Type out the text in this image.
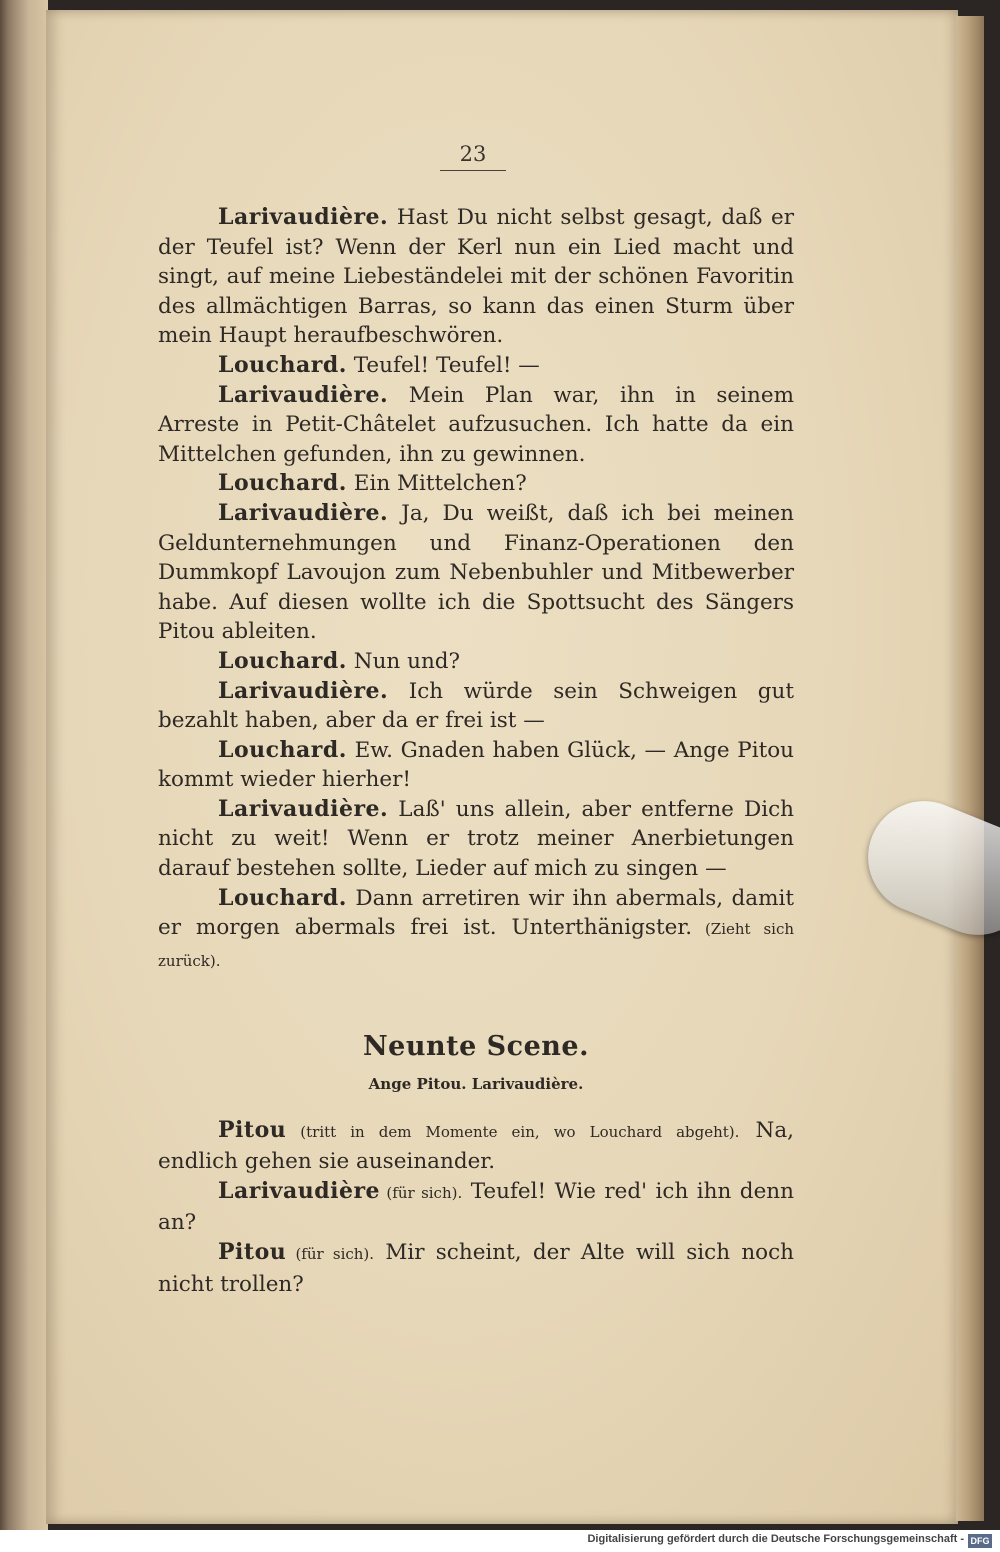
23

Larivaudière. Hast Du nicht selbst gesagt, daß er der Teufel ist? Wenn der Kerl nun ein Lied macht und singt, auf meine Liebeständelei mit der schönen Favoritin des allmächtigen Barras, so kann das einen Sturm über mein Haupt heraufbeschwören.

Louchard. Teufel! Teufel! —

Larivaudière. Mein Plan war, ihn in seinem Arreste in Petit-Châtelet aufzusuchen. Ich hatte da ein Mittelchen gefunden, ihn zu gewinnen.

Louchard. Ein Mittelchen?

Larivaudière. Ja, Du weißt, daß ich bei meinen Geldunternehmungen und Finanz-Operationen den Dummkopf Lavoujon zum Nebenbuhler und Mitbewerber habe. Auf diesen wollte ich die Spottsucht des Sängers Pitou ableiten.

Louchard. Nun und?

Larivaudière. Ich würde sein Schweigen gut bezahlt haben, aber da er frei ist —

Louchard. Ew. Gnaden haben Glück, — Ange Pitou kommt wieder hierher!

Larivaudière. Laß' uns allein, aber entferne Dich nicht zu weit! Wenn er trotz meiner Anerbietungen darauf bestehen sollte, Lieder auf mich zu singen —

Louchard. Dann arretiren wir ihn abermals, damit er morgen abermals frei ist. Unterthänigster. (Zieht sich zurück).

Neunte Scene.

Ange Pitou. Larivaudière.

Pitou (tritt in dem Momente ein, wo Louchard abgeht). Na, endlich gehen sie auseinander.

Larivaudière (für sich). Teufel! Wie red' ich ihn denn an?

Pitou (für sich). Mir scheint, der Alte will sich noch nicht trollen?

Digitalisierung gefördert durch die Deutsche Forschungsgemeinschaft - DFG
